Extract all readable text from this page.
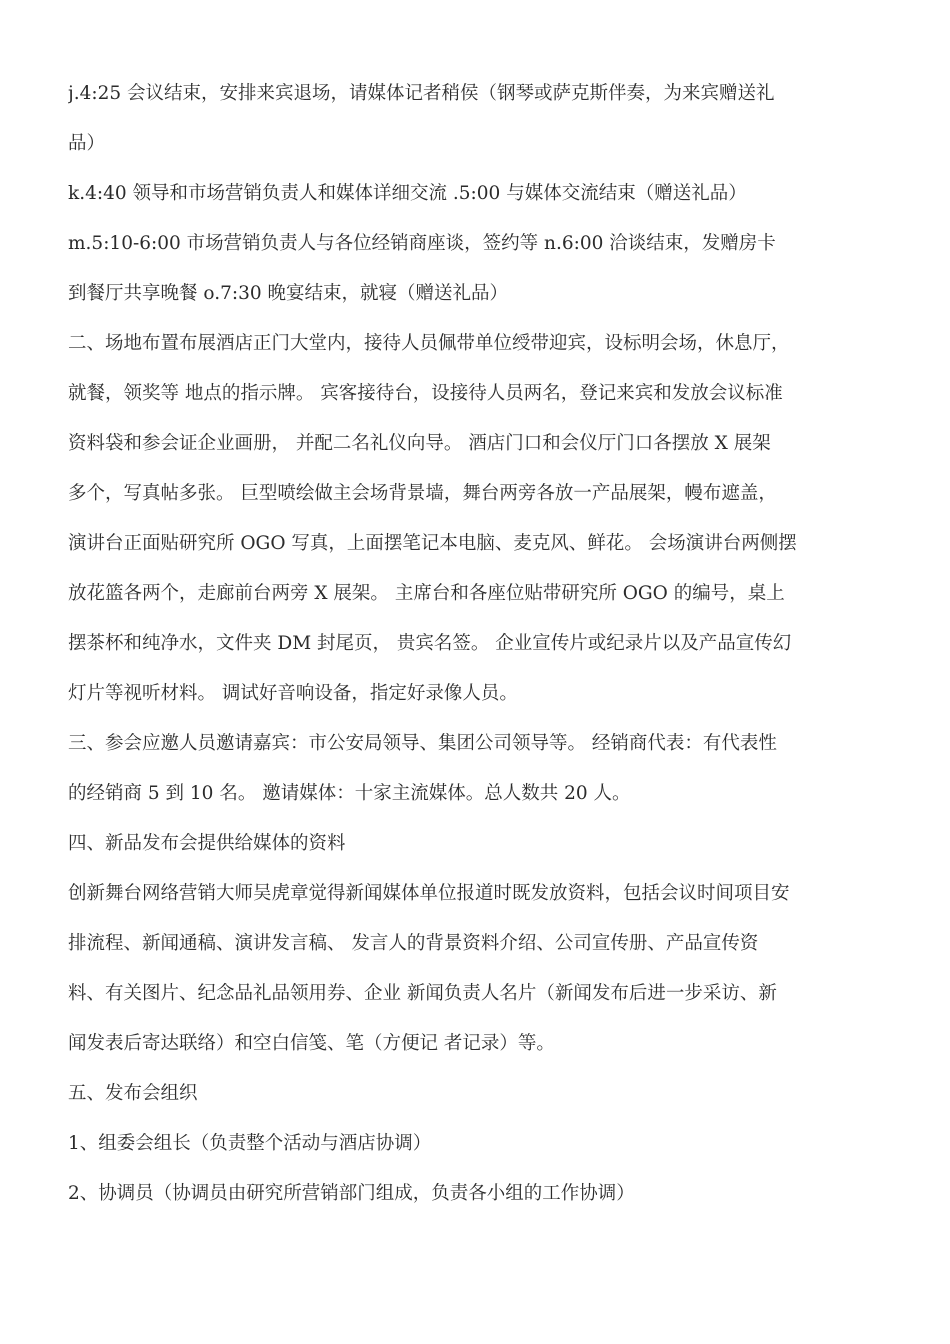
j.4:25 会议结束，安排来宾退场，请媒体记者稍侯（钢琴或萨克斯伴奏，为来宾赠送礼
品）
k.4:40 领导和市场营销负责人和媒体详细交流 .5:00 与媒体交流结束（赠送礼品）
m.5:10-6:00 市场营销负责人与各位经销商座谈，签约等 n.6:00 洽谈结束，发赠房卡
到餐厅共享晚餐 o.7:30 晚宴结束，就寝（赠送礼品）
二、场地布置布展酒店正门大堂内，接待人员佩带单位绶带迎宾，设标明会场，休息厅，
就餐，领奖等 地点的指示牌。 宾客接待台，设接待人员两名，登记来宾和发放会议标准
资料袋和参会证企业画册， 并配二名礼仪向导。 酒店门口和会仪厅门口各摆放 X 展架
多个，写真帖多张。 巨型喷绘做主会场背景墙，舞台两旁各放一产品展架，幔布遮盖，
演讲台正面贴研究所 OGO 写真，上面摆笔记本电脑、麦克风、鲜花。 会场演讲台两侧摆
放花篮各两个，走廊前台两旁 X 展架。 主席台和各座位贴带研究所 OGO 的编号，桌上
摆茶杯和纯净水，文件夹 DM 封尾页， 贵宾名签。 企业宣传片或纪录片以及产品宣传幻
灯片等视听材料。 调试好音响设备，指定好录像人员。
三、参会应邀人员邀请嘉宾：市公安局领导、集团公司领导等。 经销商代表：有代表性
的经销商 5 到 10 名。 邀请媒体：十家主流媒体。总人数共 20 人。
四、新品发布会提供给媒体的资料
创新舞台网络营销大师吴虎章觉得新闻媒体单位报道时既发放资料，包括会议时间项目安
排流程、新闻通稿、演讲发言稿、 发言人的背景资料介绍、公司宣传册、产品宣传资
料、有关图片、纪念品礼品领用券、企业 新闻负责人名片（新闻发布后进一步采访、新
闻发表后寄达联络）和空白信笺、笔（方便记 者记录）等。
五、发布会组织
1、组委会组长（负责整个活动与酒店协调）
2、协调员（协调员由研究所营销部门组成，负责各小组的工作协调）
